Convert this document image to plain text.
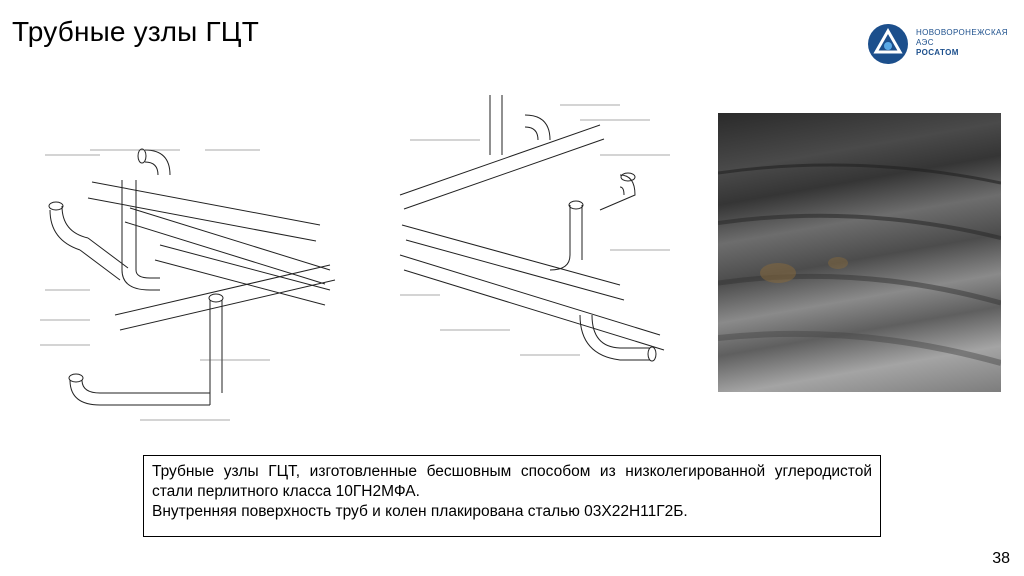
Трубные узлы ГЦТ	НОВОВОРОНЕЖСКАЯ
АЭС
РОСАТОМ

Трубные узлы ГЦТ, изготовленные бесшовным способом из низколегированной углеродистой стали перлитного класса 10ГН2МФА.

Внутренняя поверхность труб и колен плакирована сталью 03Х22Н11Г2Б.

38
